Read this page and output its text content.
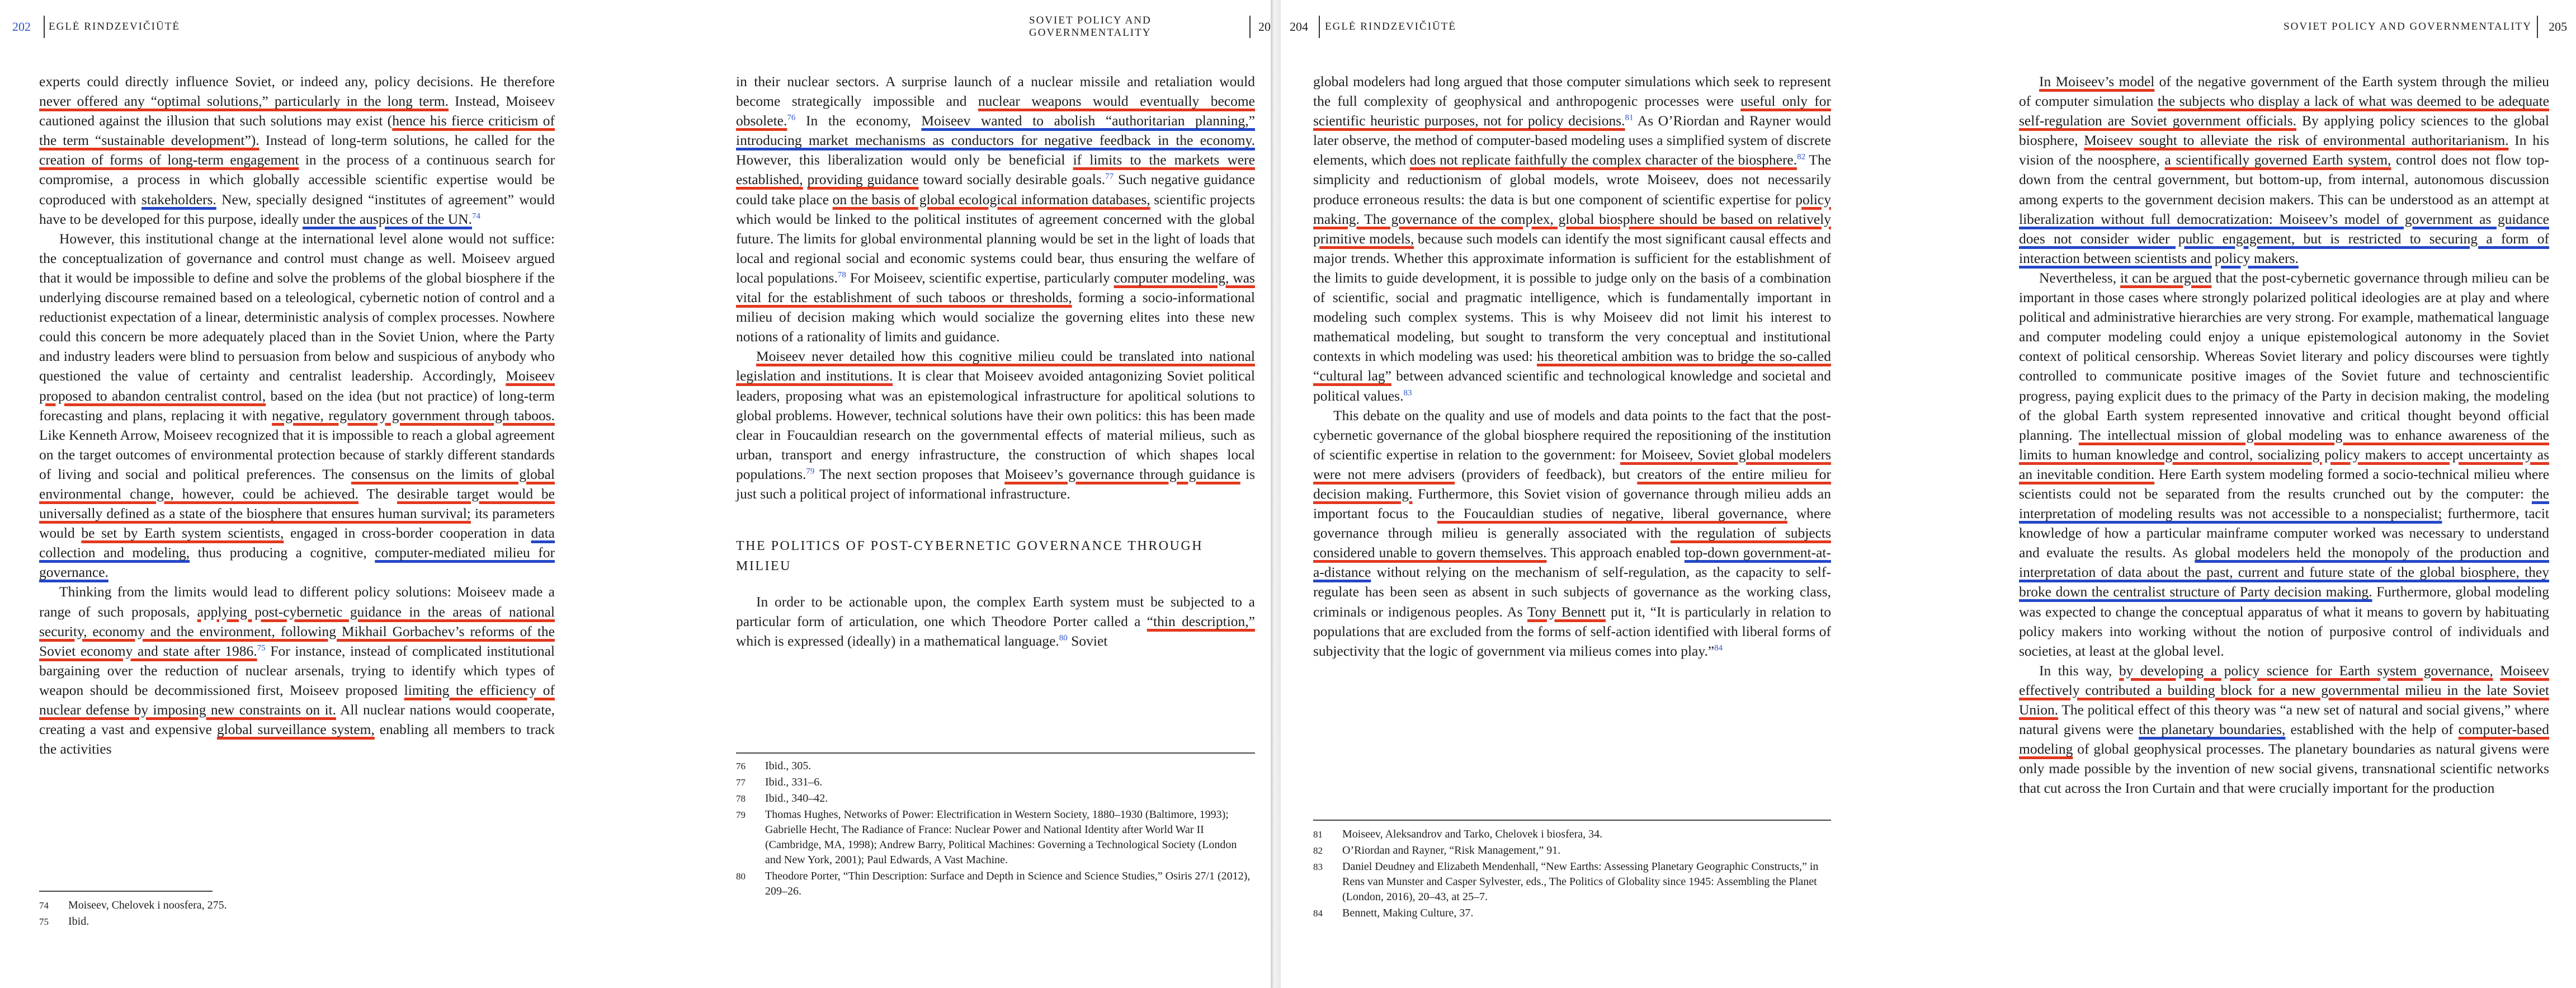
202 EGLĖ RINDZEVIČIŪTĖ
SOVIET POLICY AND GOVERNMENTALITY	20

experts could directly influence Soviet, or indeed any, policy decisions. He therefore never offered any “optimal solutions,” particularly in the long term. Instead, Moiseev cautioned against the illusion that such solutions may exist (hence his fierce criticism of the term “sustainable development”). Instead of long-term solutions, he called for the creation of forms of long-term engagement in the process of a continuous search for compromise, a process in which globally accessible scientific expertise would be coproduced with stakeholders. New, specially designed “institutes of agreement” would have to be developed for this purpose, ideally under the auspices of the UN.$^{74}$

However, this institutional change at the international level alone would not suffice: the conceptualization of governance and control must change as well. Moiseev argued that it would be impossible to define and solve the problems of the global biosphere if the underlying discourse remained based on a teleological, cybernetic notion of control and a reductionist expectation of a linear, deterministic analysis of complex processes. Nowhere could this concern be more adequately placed than in the Soviet Union, where the Party and industry leaders were blind to persuasion from below and suspicious of anybody who questioned the value of certainty and centralist leadership. Accordingly, Moiseev proposed to abandon centralist control, based on the idea (but not practice) of long-term forecasting and plans, replacing it with negative, regulatory government through taboos. Like Kenneth Arrow, Moiseev recognized that it is impossible to reach a global agreement on the target outcomes of environmental protection because of starkly different standards of living and social and political preferences. The consensus on the limits of global environmental change, however, could be achieved. The desirable target would be universally defined as a state of the biosphere that ensures human survival; its parameters would be set by Earth system scientists, engaged in cross-border cooperation in data collection and modeling, thus producing a cognitive, computer-mediated milieu for governance.

Thinking from the limits would lead to different policy solutions: Moiseev made a range of such proposals, applying post-cybernetic guidance in the areas of national security, economy and the environment, following Mikhail Gorbachev’s reforms of the Soviet economy and state after 1986.75 For instance, instead of complicated institutional bargaining over the reduction of nuclear arsenals, trying to identify which types of weapon should be decommissioned first, Moiseev proposed limiting the efficiency of nuclear defense by imposing new constraints on it. All nuclear nations would cooperate, creating a vast and expensive global surveillance system, enabling all members to track the activities

74	Moiseev, Chelovek i noosfera, 275.
75	Ibid.

in their nuclear sectors. A surprise launch of a nuclear missile and retaliation would become strategically impossible and nuclear weapons would eventually become obsolete.$^{76}$ In the economy, Moiseev wanted to abolish “authoritarian planning,” introducing market mechanisms as conductors for negative feedback in the economy. However, this liberalization would only be beneficial if limits to the markets were established, providing guidance toward socially desirable goals.$^{77}$ Such negative guidance could take place on the basis of global ecological information databases, scientific projects which would be linked to the political institutes of agreement concerned with the global future. The limits for global environmental planning would be set in the light of loads that local and regional social and economic systems could bear, thus ensuring the welfare of local populations.$^{78}$ For Moiseev, scientific expertise, particularly computer modeling, was vital for the establishment of such taboos or thresholds, forming a socio-informational milieu of decision making which would socialize the governing elites into these new notions of a rationality of limits and guidance.

Moiseev never detailed how this cognitive milieu could be translated into national legislation and institutions. It is clear that Moiseev avoided antagonizing Soviet political leaders, proposing what was an epistemological infrastructure for apolitical solutions to global problems. However, technical solutions have their own politics: this has been made clear in Foucauldian research on the governmental effects of material milieus, such as urban, transport and energy infrastructure, the construction of which shapes local populations.$^{79}$ The next section proposes that Moiseev’s governance through guidance is just such a political project of informational infrastructure.

THE POLITICS OF POST-CYBERNETIC GOVERNANCE THROUGH MILIEU

In order to be actionable upon, the complex Earth system must be subjected to a particular form of articulation, one which Theodore Porter called a “thin description,” which is expressed (ideally) in a mathematical language.$^{80}$ Soviet

76	Ibid., 305.
77	Ibid., 331–6.
78	Ibid., 340–42.
79	Thomas Hughes, Networks of Power: Electrification in Western Society, 1880–1930 (Baltimore, 1993); Gabrielle Hecht, The Radiance of France: Nuclear Power and National Identity after World War II (Cambridge, MA, 1998); Andrew Barry, Political Machines: Governing a Technological Society (London and New York, 2001); Paul Edwards, A Vast Machine.
80	Theodore Porter, “Thin Description: Surface and Depth in Science and Science Studies,” Osiris 27/1 (2012), 209–26.
204 EGLĖ RINDZEVIČIŪTĖ	SOVIET POLICY AND GOVERNMENTALITY 205

global modelers had long argued that those computer simulations which seek to represent the full complexity of geophysical and anthropogenic processes were useful only for scientific heuristic purposes, not for policy decisions.$^{81}$ As O’Riordan and Rayner would later observe, the method of computer-based modeling uses a simplified system of discrete elements, which does not replicate faithfully the complex character of the biosphere.$^{82}$ The simplicity and reductionism of global models, wrote Moiseev, does not necessarily produce erroneous results: the data is but one component of scientific expertise for policy making. The governance of the complex, global biosphere should be based on relatively primitive models, because such models can identify the most significant causal effects and major trends. Whether this approximate information is sufficient for the establishment of the limits to guide development, it is possible to judge only on the basis of a combination of scientific, social and pragmatic intelligence, which is fundamentally important in modeling such complex systems. This is why Moiseev did not limit his interest to mathematical modeling, but sought to transform the very conceptual and institutional contexts in which modeling was used: his theoretical ambition was to bridge the so-called “cultural lag” between advanced scientific and technological knowledge and societal and political values.$^{83}$

This debate on the quality and use of models and data points to the fact that the post-cybernetic governance of the global biosphere required the repositioning of the institution of scientific expertise in relation to the government: for Moiseev, Soviet global modelers were not mere advisers (providers of feedback), but creators of the entire milieu for decision making. Furthermore, this Soviet vision of governance through milieu adds an important focus to the Foucauldian studies of negative, liberal governance, where governance through milieu is generally associated with the regulation of subjects considered unable to govern themselves. This approach enabled top-down government-at-a-distance without relying on the mechanism of self-regulation, as the capacity to self-regulate has been seen as absent in such subjects of governance as the working class, criminals or indigenous peoples. As Tony Bennett put it, “It is particularly in relation to populations that are excluded from the forms of self-action identified with liberal forms of subjectivity that the logic of government via milieus comes into play.”$^{84}$

81	Moiseev, Aleksandrov and Tarko, Chelovek i biosfera, 34.
82	O’Riordan and Rayner, “Risk Management,” 91.
83	Daniel Deudney and Elizabeth Mendenhall, “New Earths: Assessing Planetary Geographic Constructs,” in Rens van Munster and Casper Sylvester, eds., The Politics of Globality since 1945: Assembling the Planet (London, 2016), 20–43, at 25–7.
84	Bennett, Making Culture, 37.

In Moiseev’s model of the negative government of the Earth system through the milieu of computer simulation the subjects who display a lack of what was deemed to be adequate self-regulation are Soviet government officials. By applying policy sciences to the global biosphere, Moiseev sought to alleviate the risk of environmental authoritarianism. In his vision of the noosphere, a scientifically governed Earth system, control does not flow top-down from the central government, but bottom-up, from internal, autonomous discussion among experts to the government decision makers. This can be understood as an attempt at liberalization without full democratization: Moiseev’s model of government as guidance does not consider wider public engagement, but is restricted to securing a form of interaction between scientists and policy makers.

Nevertheless, it can be argued that the post-cybernetic governance through milieu can be important in those cases where strongly polarized political ideologies are at play and where political and administrative hierarchies are very strong. For example, mathematical language and computer modeling could enjoy a unique epistemological autonomy in the Soviet context of political censorship. Whereas Soviet literary and policy discourses were tightly controlled to communicate positive images of the Soviet future and technoscientific progress, paying explicit dues to the primacy of the Party in decision making, the modeling of the global Earth system represented innovative and critical thought beyond official planning. The intellectual mission of global modeling was to enhance awareness of the limits to human knowledge and control, socializing policy makers to accept uncertainty as an inevitable condition. Here Earth system modeling formed a socio-technical milieu where scientists could not be separated from the results crunched out by the computer: the interpretation of modeling results was not accessible to a nonspecialist; furthermore, tacit knowledge of how a particular mainframe computer worked was necessary to understand and evaluate the results. As global modelers held the monopoly of the production and interpretation of data about the past, current and future state of the global biosphere, they broke down the centralist structure of Party decision making. Furthermore, global modeling was expected to change the conceptual apparatus of what it means to govern by habituating policy makers into working without the notion of purposive control of individuals and societies, at least at the global level.

In this way, by developing a policy science for Earth system governance, Moiseev effectively contributed a building block for a new governmental milieu in the late Soviet Union. The political effect of this theory was “a new set of natural and social givens,” where natural givens were the planetary boundaries, established with the help of computer-based modeling of global geophysical processes. The planetary boundaries as natural givens were only made possible by the invention of new social givens, transnational scientific networks that cut across the Iron Curtain and that were crucially important for the production
